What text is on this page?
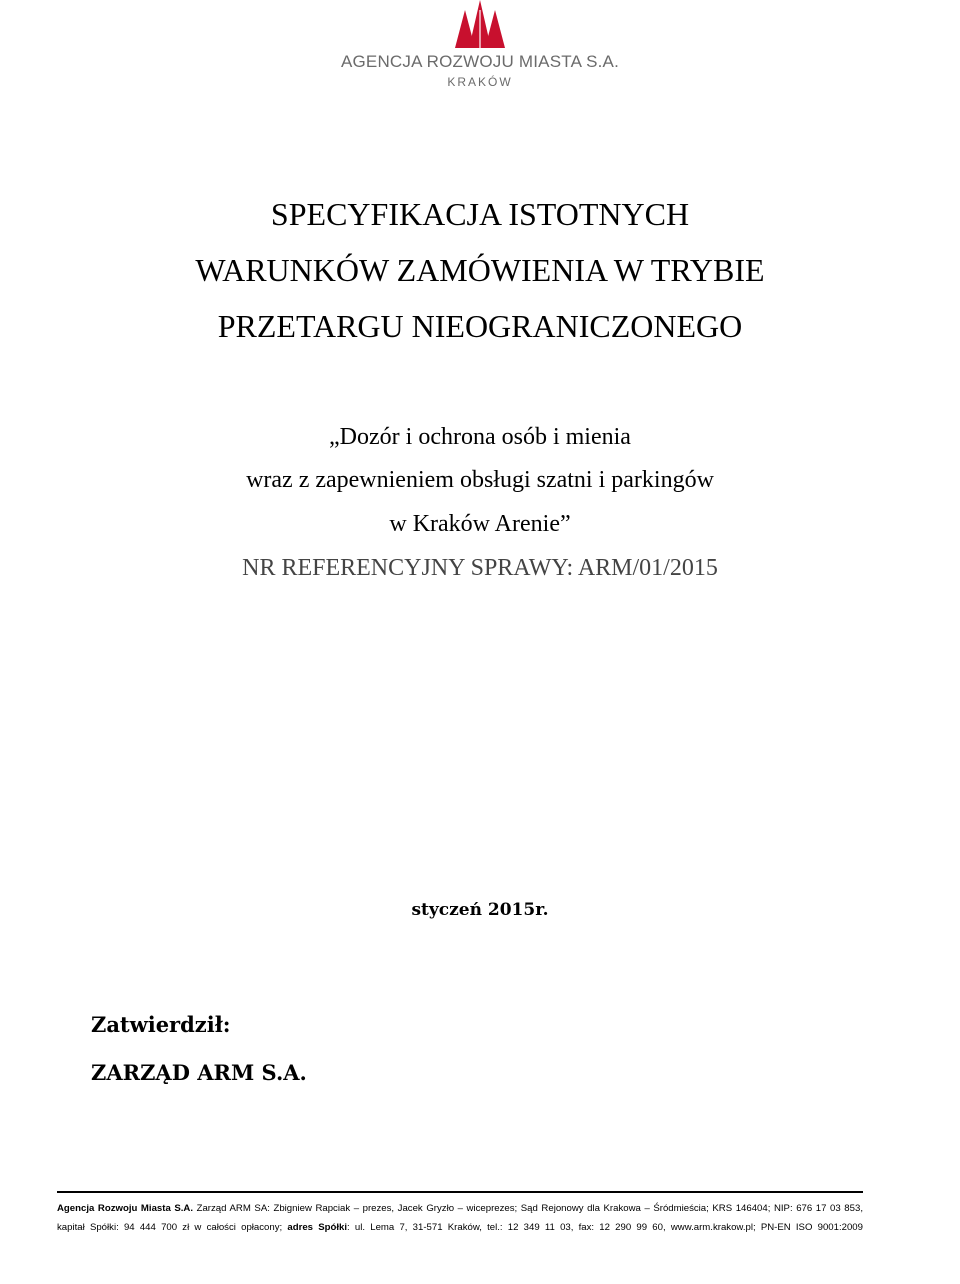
AGENCJA ROZWOJU MIASTA S.A.
KRAKÓW
SPECYFIKACJA ISTOTNYCH
WARUNKÓW ZAMÓWIENIA W TRYBIE
PRZETARGU NIEOGRANICZONEGO
„Dozór i ochrona osób i mienia
wraz z zapewnieniem obsługi szatni i parkingów
w Kraków Arenie”
NR REFERENCYJNY SPRAWY: ARM/01/2015
styczeń 2015r.
Zatwierdził:
ZARZĄD ARM S.A.
Agencja Rozwoju Miasta S.A. Zarząd ARM SA: Zbigniew Rapciak – prezes, Jacek Gryzło – wiceprezes; Sąd Rejonowy dla Krakowa – Śródmieścia; KRS 146404; NIP: 676 17 03 853,
kapitał Spółki: 94 444 700 zł w całości opłacony; adres Spółki: ul. Lema 7, 31-571 Kraków, tel.: 12 349 11 03, fax: 12 290 99 60, www.arm.krakow.pl; PN-EN ISO 9001:2009
